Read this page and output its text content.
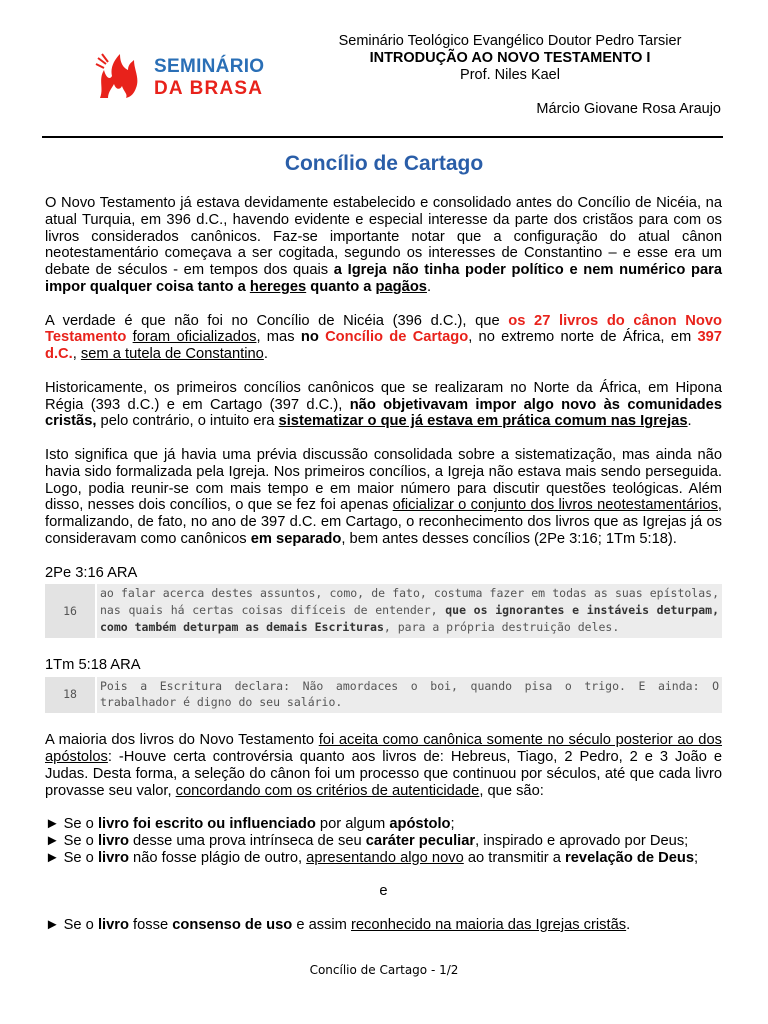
SEMINÁRIO
DA BRASA
Seminário Teológico Evangélico Doutor Pedro Tarsier
INTRODUÇÃO AO NOVO TESTAMENTO I
Prof. Niles Kael
Márcio Giovane Rosa Araujo
Concílio de Cartago

O Novo Testamento já estava devidamente estabelecido e consolidado antes do Concílio de Nicéia, na atual Turquia, em 396 d.C., havendo evidente e especial interesse da parte dos cristãos para com os livros considerados canônicos. Faz-se importante notar que a configuração do atual cânon neotestamentário começava a ser cogitada, segundo os interesses de Constantino – e esse era um debate de séculos - em tempos dos quais a Igreja não tinha poder político e nem numérico para impor qualquer coisa tanto a hereges quanto a pagãos.

A verdade é que não foi no Concílio de Nicéia (396 d.C.), que os 27 livros do cânon Novo Testamento foram oficializados, mas no Concílio de Cartago, no extremo norte de África, em 397 d.C., sem a tutela de Constantino.

Historicamente, os primeiros concílios canônicos que se realizaram no Norte da África, em Hipona Régia (393 d.C.) e em Cartago (397 d.C.), não objetivavam impor algo novo às comunidades cristãs, pelo contrário, o intuito era sistematizar o que já estava em prática comum nas Igrejas.

Isto significa que já havia uma prévia discussão consolidada sobre a sistematização, mas ainda não havia sido formalizada pela Igreja. Nos primeiros concílios, a Igreja não estava mais sendo perseguida. Logo, podia reunir-se com mais tempo e em maior número para discutir questões teológicas. Além disso, nesses dois concílios, o que se fez foi apenas oficializar o conjunto dos livros neotestamentários, formalizando, de fato, no ano de 397 d.C. em Cartago, o reconhecimento dos livros que as Igrejas já os consideravam como canônicos em separado, bem antes desses concílios (2Pe 3:16; 1Tm 5:18).

2Pe 3:16 ARA

16
ao falar acerca destes assuntos, como, de fato, costuma fazer em todas as suas epístolas, nas quais há certas coisas difíceis de entender, que os ignorantes e instáveis deturpam, como também deturpam as demais Escrituras, para a própria destruição deles.

1Tm 5:18 ARA

18
Pois a Escritura declara: Não amordaces o boi, quando pisa o trigo. E ainda: O trabalhador é digno do seu salário.

A maioria dos livros do Novo Testamento foi aceita como canônica somente no século posterior ao dos apóstolos: -Houve certa controvérsia quanto aos livros de: Hebreus, Tiago, 2 Pedro, 2 e 3 João e Judas. Desta forma, a seleção do cânon foi um processo que continuou por séculos, até que cada livro provasse seu valor, concordando com os critérios de autenticidade, que são:

► Se o livro foi escrito ou influenciado por algum apóstolo;

► Se o livro desse uma prova intrínseca de seu caráter peculiar, inspirado e aprovado por Deus;

► Se o livro não fosse plágio de outro, apresentando algo novo ao transmitir a revelação de Deus;

e

► Se o livro fosse consenso de uso e assim reconhecido na maioria das Igrejas cristãs.

Concílio de Cartago - 1/2
